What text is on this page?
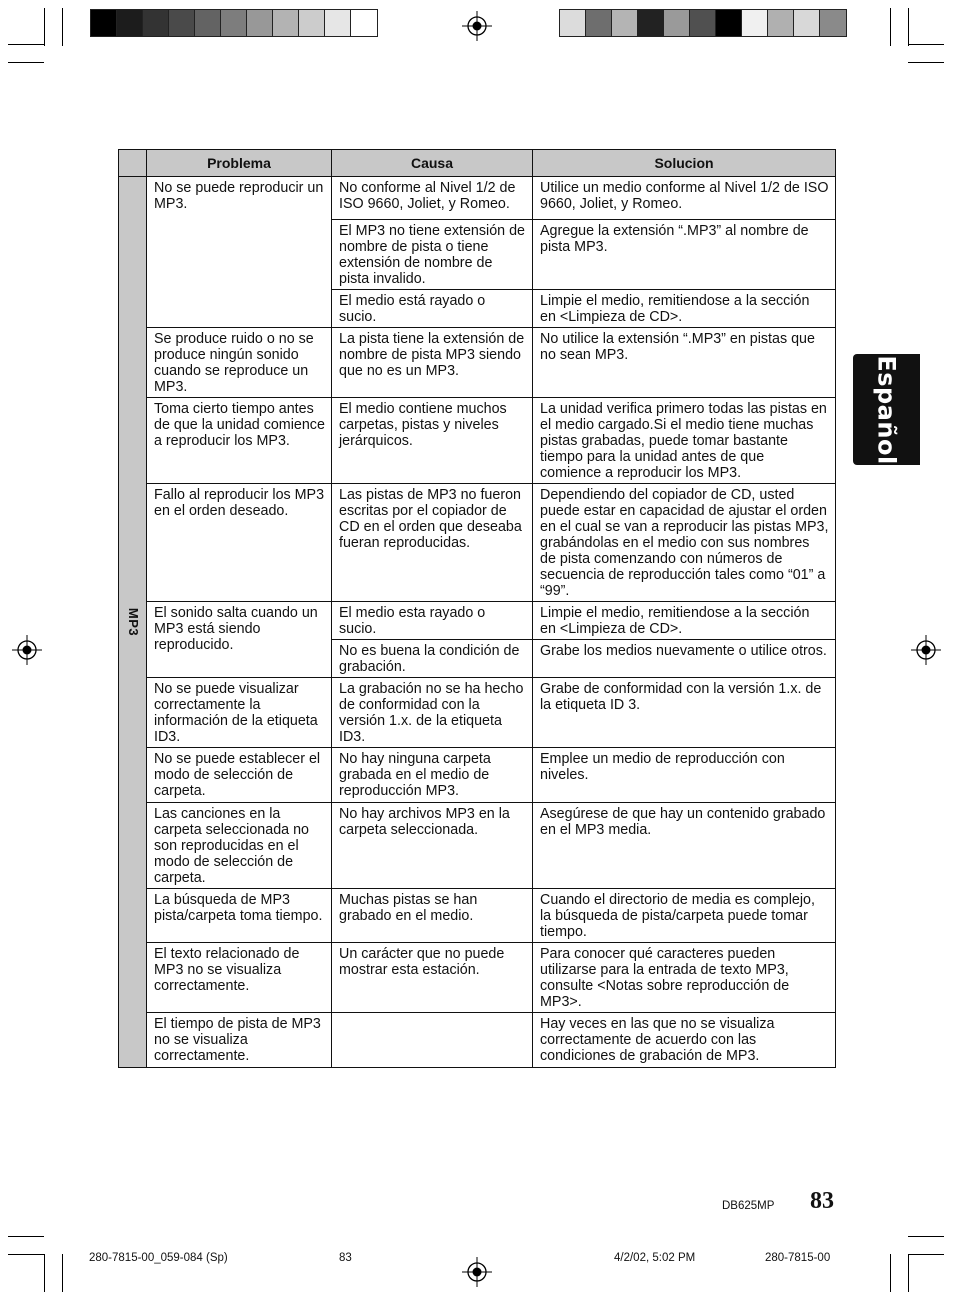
Español
	Problema	Causa	Solucion
MP3	No se puede reproducir un MP3.	No conforme al Nivel 1/2 de ISO 9660, Joliet, y Romeo.	Utilice un medio conforme al Nivel 1/2 de ISO 9660, Joliet, y Romeo.
		El MP3 no tiene extensión de nombre de pista o tiene extensión de nombre de pista invalido.	Agregue la extensión “.MP3” al nombre de pista MP3.
		El medio está rayado o sucio.	Limpie el medio, remitiendose a la sección en <Limpieza de CD>.
	Se produce ruido o no se produce ningún sonido cuando se reproduce un MP3.	La pista tiene la extensión de nombre de pista MP3 siendo que no es un MP3.	No utilice la extensión “.MP3” en pistas que no sean MP3.
	Toma cierto tiempo antes de que la unidad comience a reproducir los MP3.	El medio contiene muchos carpetas, pistas y niveles jerárquicos.	La unidad verifica primero todas las pistas en el medio cargado.Si el medio tiene muchas pistas grabadas, puede tomar bastante tiempo para la unidad antes de que comience a reproducir los MP3.
	Fallo al reproducir los MP3 en el orden deseado.	Las pistas de MP3 no fueron escritas por el copiador de CD en el orden que deseaba fueran reproducidas.	Dependiendo del copiador de CD, usted puede estar en capacidad de ajustar el orden en el cual se van a reproducir las pistas MP3, grabándolas en el medio con sus nombres de pista comenzando con números de secuencia de reproducción tales como “01” a “99”.
	El sonido salta cuando un MP3 está siendo reproducido.	El medio esta rayado o sucio.	Limpie el medio, remitiendose a la sección en <Limpieza de CD>.
		No es buena la condición de grabación.	Grabe los medios nuevamente o utilice otros.
	No se puede visualizar correctamente la información de la etiqueta ID3.	La grabación no se ha hecho de conformidad con la versión 1.x. de la etiqueta ID3.	Grabe de conformidad con la versión 1.x. de la etiqueta ID 3.
	No se puede establecer el modo de selección de carpeta.	No hay ninguna carpeta grabada en el medio de reproducción MP3.	Emplee un medio de reproducción con niveles.
	Las canciones en la carpeta seleccionada no son reproducidas en el modo de selección de carpeta.	No hay archivos MP3 en la carpeta seleccionada.	Asegúrese de que hay un contenido grabado en el MP3 media.
	La búsqueda de MP3 pista/carpeta toma tiempo.	Muchas pistas se han grabado en el medio.	Cuando el directorio de media es complejo, la búsqueda de pista/carpeta puede tomar tiempo.
	El texto relacionado de MP3 no se visualiza correctamente.	Un carácter que no puede mostrar esta estación.	Para conocer qué caracteres pueden utilizarse para la entrada de texto MP3, consulte <Notas sobre reproducción de MP3>.
	El tiempo de pista de MP3 no se visualiza correctamente.		Hay veces en las que no se visualiza correctamente de acuerdo con las condiciones de grabación de MP3.
DB625MP 83
280-7815-00_059-084 (Sp)	83	4/2/02, 5:02 PM	280-7815-00
